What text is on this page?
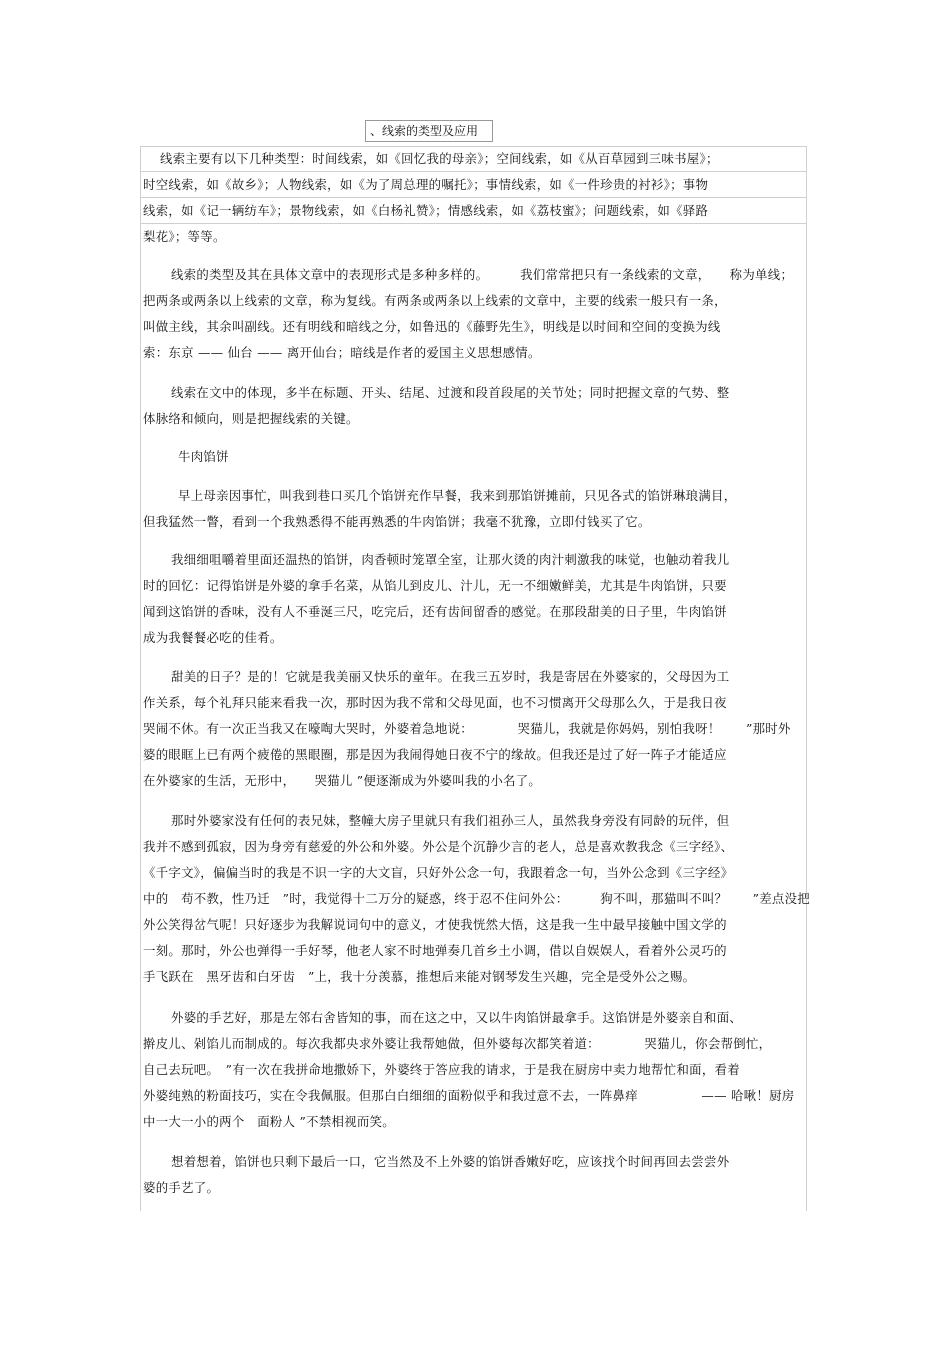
、线索的类型及应用
线索主要有以下几种类型：时间线索，如《回忆我的母亲》；空间线索，如《从百草园到三味书屋》；
时空线索，如《故乡》；人物线索，如《为了周总理的嘱托》；事情线索，如《一件珍贵的衬衫》；事物
线索，如《记一辆纺车》；景物线索，如《白杨礼赞》；情感线索，如《荔枝蜜》；问题线索，如《驿路
梨花》；等等。
线索的类型及其在具体文章中的表现形式是多种多样的。　　　我们常常把只有一条线索的文章，　　称为单线；
把两条或两条以上线索的文章，称为复线。有两条或两条以上线索的文章中，主要的线索一般只有一条，
叫做主线，其余叫副线。还有明线和暗线之分，如鲁迅的《藤野先生》，明线是以时间和空间的变换为线
索：东京 —— 仙台 —— 离开仙台；暗线是作者的爱国主义思想感情。
线索在文中的体现，多半在标题、开头、结尾、过渡和段首段尾的关节处；同时把握文章的气势、整
体脉络和倾向，则是把握线索的关键。
牛肉馅饼
早上母亲因事忙，叫我到巷口买几个馅饼充作早餐，我来到那馅饼摊前，只见各式的馅饼琳琅满目，
但我猛然一瞥，看到一个我熟悉得不能再熟悉的牛肉馅饼；我毫不犹豫，立即付钱买了它。
我细细咀嚼着里面还温热的馅饼，肉香顿时笼罩全室，让那火烫的肉汁刺激我的味觉，也触动着我儿
时的回忆：记得馅饼是外婆的拿手名菜，从馅儿到皮儿、汁儿，无一不细嫩鲜美，尤其是牛肉馅饼，只要
闻到这馅饼的香味，没有人不垂涎三尺，吃完后，还有齿间留香的感觉。在那段甜美的日子里，牛肉馅饼
成为我餐餐必吃的佳肴。
甜美的日子？是的！它就是我美丽又快乐的童年。在我三五岁时，我是寄居在外婆家的，父母因为工
作关系，每个礼拜只能来看我一次，那时因为我不常和父母见面，也不习惯离开父母那么久，于是我日夜
哭闹不休。有一次正当我又在嚎啕大哭时，外婆着急地说：　　　　哭猫儿，我就是你妈妈，别怕我呀！　　”那时外
婆的眼眶上已有两个疲倦的黑眼圈，那是因为我闹得她日夜不宁的缘故。但我还是过了好一阵子才能适应
在外婆家的生活，无形中，　　哭猫儿 ”便逐渐成为外婆叫我的小名了。
那时外婆家没有任何的表兄妹，整幢大房子里就只有我们祖孙三人，虽然我身旁没有同龄的玩伴，但
我并不感到孤寂，因为身旁有慈爱的外公和外婆。外公是个沉静少言的老人，总是喜欢教我念《三字经》、
《千字文》，偏偏当时的我是不识一字的大文盲，只好外公念一句，我跟着念一句，当外公念到《三字经》
中的　苟不教，性乃迁　”时，我觉得十二万分的疑惑，终于忍不住问外公：　　　狗不叫，那猫叫不叫？　　”差点没把
外公笑得岔气呢！只好逐步为我解说词句中的意义，才使我恍然大悟，这是我一生中最早接触中国文学的
一刻。那时，外公也弹得一手好琴，他老人家不时地弹奏几首乡土小调，借以自娱娱人，看着外公灵巧的
手飞跃在　黑牙齿和白牙齿　”上，我十分羡慕，推想后来能对钢琴发生兴趣，完全是受外公之赐。
外婆的手艺好，那是左邻右舍皆知的事，而在这之中，又以牛肉馅饼最拿手。这馅饼是外婆亲自和面、
擀皮儿、剁馅儿而制成的。每次我都央求外婆让我帮她做，但外婆每次都笑着道：　　　　哭猫儿，你会帮倒忙，
自己去玩吧。　”有一次在我拼命地撒娇下，外婆终于答应我的请求，于是我在厨房中卖力地帮忙和面，看着
外婆纯熟的粉面技巧，实在令我佩服。但那白白细细的面粉似乎和我过意不去，一阵鼻痒　　　　　—— 哈啾！厨房
中一大一小的两个　面粉人 ”不禁相视而笑。
想着想着，馅饼也只剩下最后一口，它当然及不上外婆的馅饼香嫩好吃，应该找个时间再回去尝尝外
婆的手艺了。
